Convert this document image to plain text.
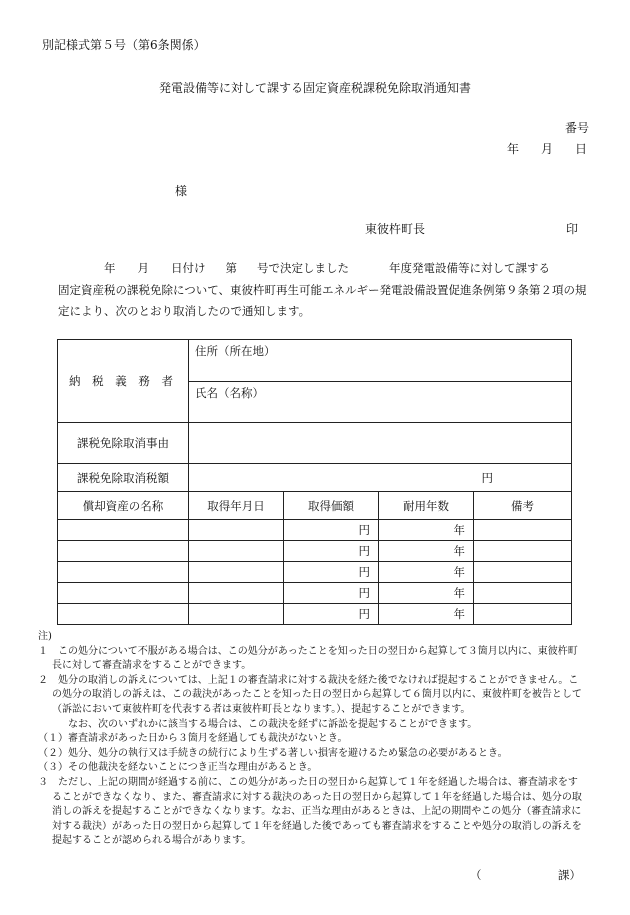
別記様式第５号（第6条関係）
発電設備等に対して課する固定資産税課税免除取消通知書
番号
年 月 日
様
東彼杵町長	印
年 月 日付け 第 号で決定しました	年度発電設備等に対して課する
固定資産税の課税免除について、東彼杵町再生可能エネルギー発電設備設置促進条例第９条第２項の規
定により、次のとおり取消したので通知します。
納 税 義 務 者	住所（所在地）			
	氏名（名称）			
課税免除取消事由				
課税免除取消税額	円			
償却資産の名称	取得年月日	取得価額	耐用年数	備考
		円	年	
		円	年	
		円	年	
		円	年	
		円	年	
注)
１　この処分について不服がある場合は、この処分があったことを知った日の翌日から起算して３箇月以内に、東彼杵町
長に対して審査請求をすることができます。
２　処分の取消しの訴えについては、上記１の審査請求に対する裁決を経た後でなければ提起することができません。こ
の処分の取消しの訴えは、この裁決があったことを知った日の翌日から起算して６箇月以内に、東彼杵町を被告として
（訴訟において東彼杵町を代表する者は東彼杵町長となります。）、提起することができます。
なお、次のいずれかに該当する場合は、この裁決を経ずに訴訟を提起することができます。
（１）審査請求があった日から３箇月を経過しても裁決がないとき。
（２）処分、処分の執行又は手続きの続行により生ずる著しい損害を避けるため緊急の必要があるとき。
（３）その他裁決を経ないことにつき正当な理由があるとき。
３　ただし、上記の期間が経過する前に、この処分があった日の翌日から起算して１年を経過した場合は、審査請求をす
ることができなくなり、また、審査請求に対する裁決のあった日の翌日から起算して１年を経過した場合は、処分の取
消しの訴えを提起することができなくなります。なお、正当な理由があるときは、上記の期間やこの処分（審査請求に
対する裁決）があった日の翌日から起算して１年を経過した後であっても審査請求をすることや処分の取消しの訴えを
提起することが認められる場合があります。
（	課）
